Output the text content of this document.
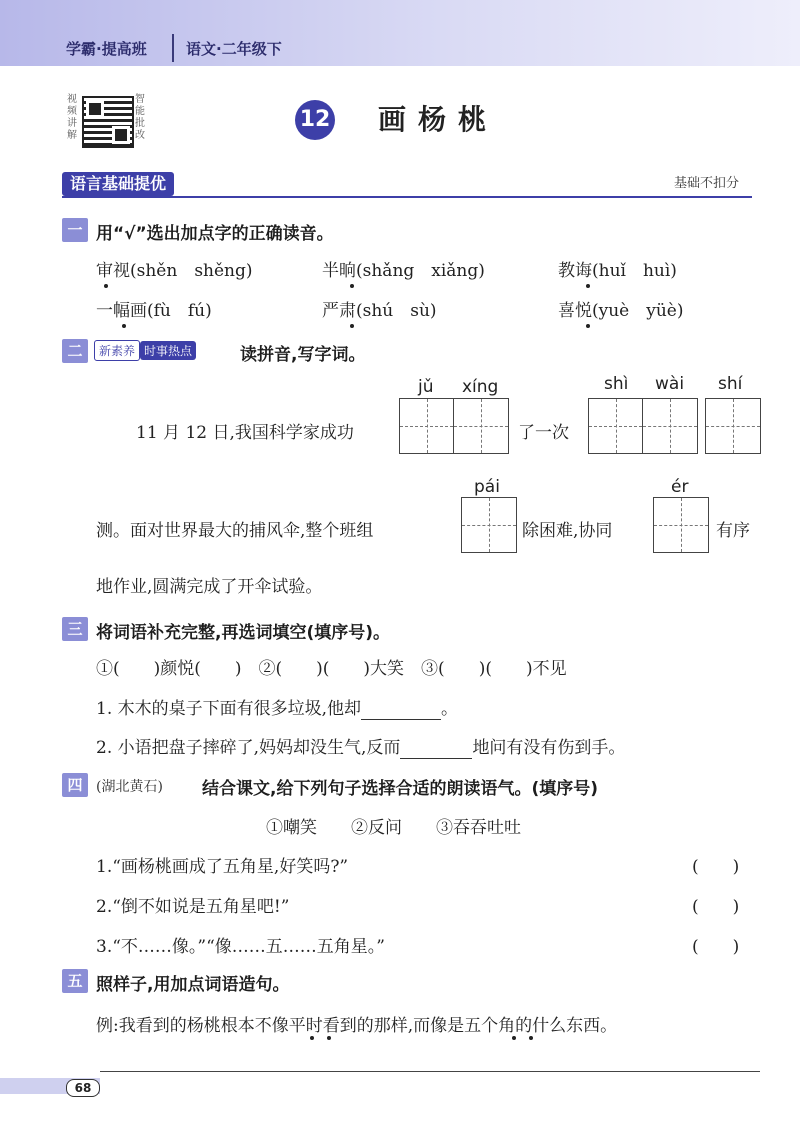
学霸·提高班	语文·二年级下
视频讲解
智能批改
12 画杨桃
语言基础提优	基础不扣分
一 用“√”选出加点字的正确读音。
审视(shěn　shěng)	半晌(shǎng　xiǎng)	教诲(huǐ　huì)
一幅画(fù　fú)	严肃(shú　sù)	喜悦(yuè　yüè)
二	新素养 时事热点	读拼音,写字词。
jǔ xíng	shì wài shí
11 月 12 日,我国科学家成功	了一次
pái	ér
测。面对世界最大的捕风伞,整个班组	除困难,协同	有序
地作业,圆满完成了开伞试验。
三 将词语补充完整,再选词填空(填序号)。
①(　　)颜悦(　　)　②(　　)(　　)大笑　③(　　)(　　)不见
1. 木木的桌子下面有很多垃圾,他却	。
2. 小语把盘子摔碎了,妈妈却没生气,反而	地问有没有伤到手。
四 (湖北黄石) 结合课文,给下列句子选择合适的朗读语气。(填序号)
①嘲笑　　②反问　　③吞吞吐吐
1.“画杨桃画成了五角星,好笑吗?”	(　　)
2.“倒不如说是五角星吧!”	(　　)
3.“不……像。”“像……五……五角星。”	(　　)
五 照样子,用加点词语造句。
例:我看到的杨桃根本不像平时看到的那样,而像是五个角的什么东西。
68
